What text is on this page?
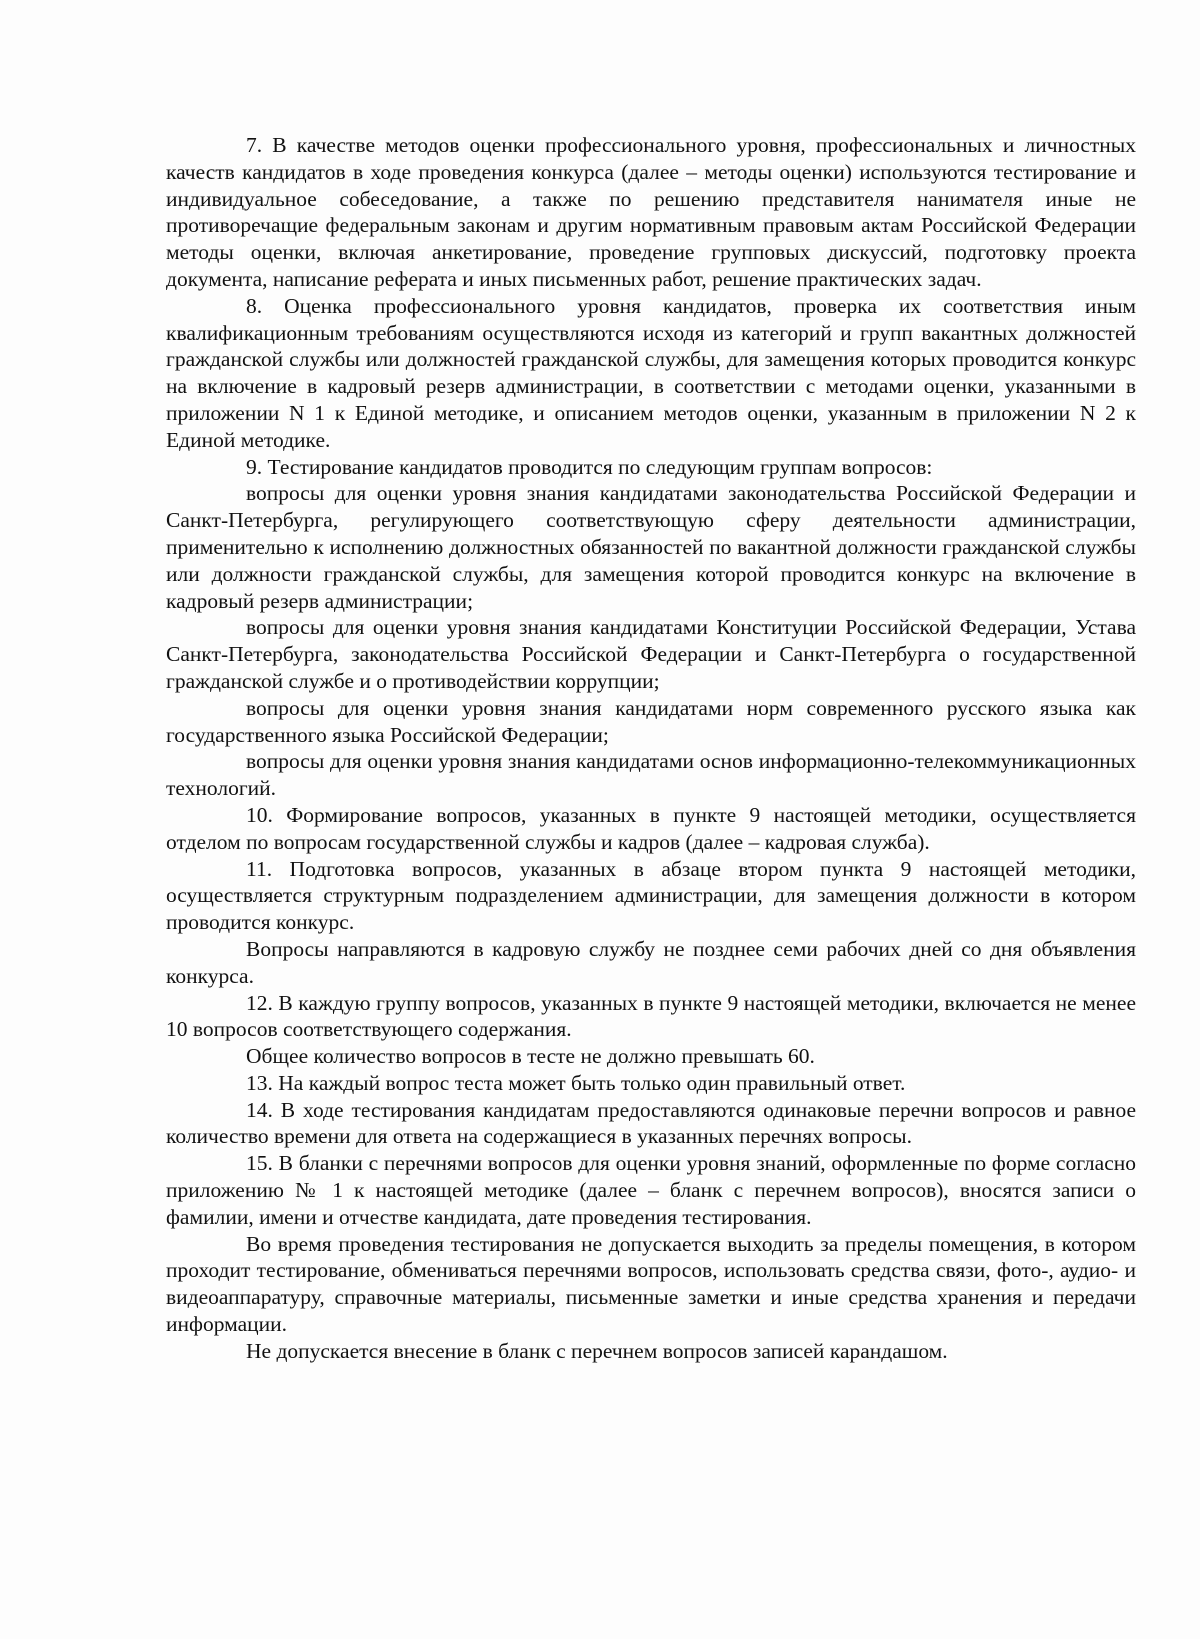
7. В качестве методов оценки профессионального уровня, профессиональных и личностных качеств кандидатов в ходе проведения конкурса (далее – методы оценки) используются тестирование и индивидуальное собеседование, а также по решению представителя нанимателя иные не противоречащие федеральным законам и другим нормативным правовым актам Российской Федерации методы оценки, включая анкетирование, проведение групповых дискуссий, подготовку проекта документа, написание реферата и иных письменных работ, решение практических задач.

8. Оценка профессионального уровня кандидатов, проверка их соответствия иным квалификационным требованиям осуществляются исходя из категорий и групп вакантных должностей гражданской службы или должностей гражданской службы, для замещения которых проводится конкурс на включение в кадровый резерв администрации, в соответствии с методами оценки, указанными в приложении N 1 к Единой методике, и описанием методов оценки, указанным в приложении N 2 к Единой методике.

9. Тестирование кандидатов проводится по следующим группам вопросов:

вопросы для оценки уровня знания кандидатами законодательства Российской Федерации и Санкт-Петербурга, регулирующего соответствующую сферу деятельности администрации, применительно к исполнению должностных обязанностей по вакантной должности гражданской службы или должности гражданской службы, для замещения которой проводится конкурс на включение в кадровый резерв администрации;

вопросы для оценки уровня знания кандидатами Конституции Российской Федерации, Устава Санкт-Петербурга, законодательства Российской Федерации и Санкт-Петербурга о государственной гражданской службе и о противодействии коррупции;

вопросы для оценки уровня знания кандидатами норм современного русского языка как государственного языка Российской Федерации;

вопросы для оценки уровня знания кандидатами основ информационно-телекоммуникационных технологий.

10. Формирование вопросов, указанных в пункте 9 настоящей методики, осуществляется отделом по вопросам государственной службы и кадров (далее – кадровая служба).

11. Подготовка вопросов, указанных в абзаце втором пункта 9 настоящей методики, осуществляется структурным подразделением администрации, для замещения должности в котором проводится конкурс.

Вопросы направляются в кадровую службу не позднее семи рабочих дней со дня объявления конкурса.

12. В каждую группу вопросов, указанных в пункте 9 настоящей методики, включается не менее 10 вопросов соответствующего содержания.

Общее количество вопросов в тесте не должно превышать 60.

13. На каждый вопрос теста может быть только один правильный ответ.

14. В ходе тестирования кандидатам предоставляются одинаковые перечни вопросов и равное количество времени для ответа на содержащиеся в указанных перечнях вопросы.

15. В бланки с перечнями вопросов для оценки уровня знаний, оформленные по форме согласно приложению № 1 к настоящей методике (далее – бланк с перечнем вопросов), вносятся записи о фамилии, имени и отчестве кандидата, дате проведения тестирования.

Во время проведения тестирования не допускается выходить за пределы помещения, в котором проходит тестирование, обмениваться перечнями вопросов, использовать средства связи, фото-, аудио- и видеоаппаратуру, справочные материалы, письменные заметки и иные средства хранения и передачи информации.

Не допускается внесение в бланк с перечнем вопросов записей карандашом.
